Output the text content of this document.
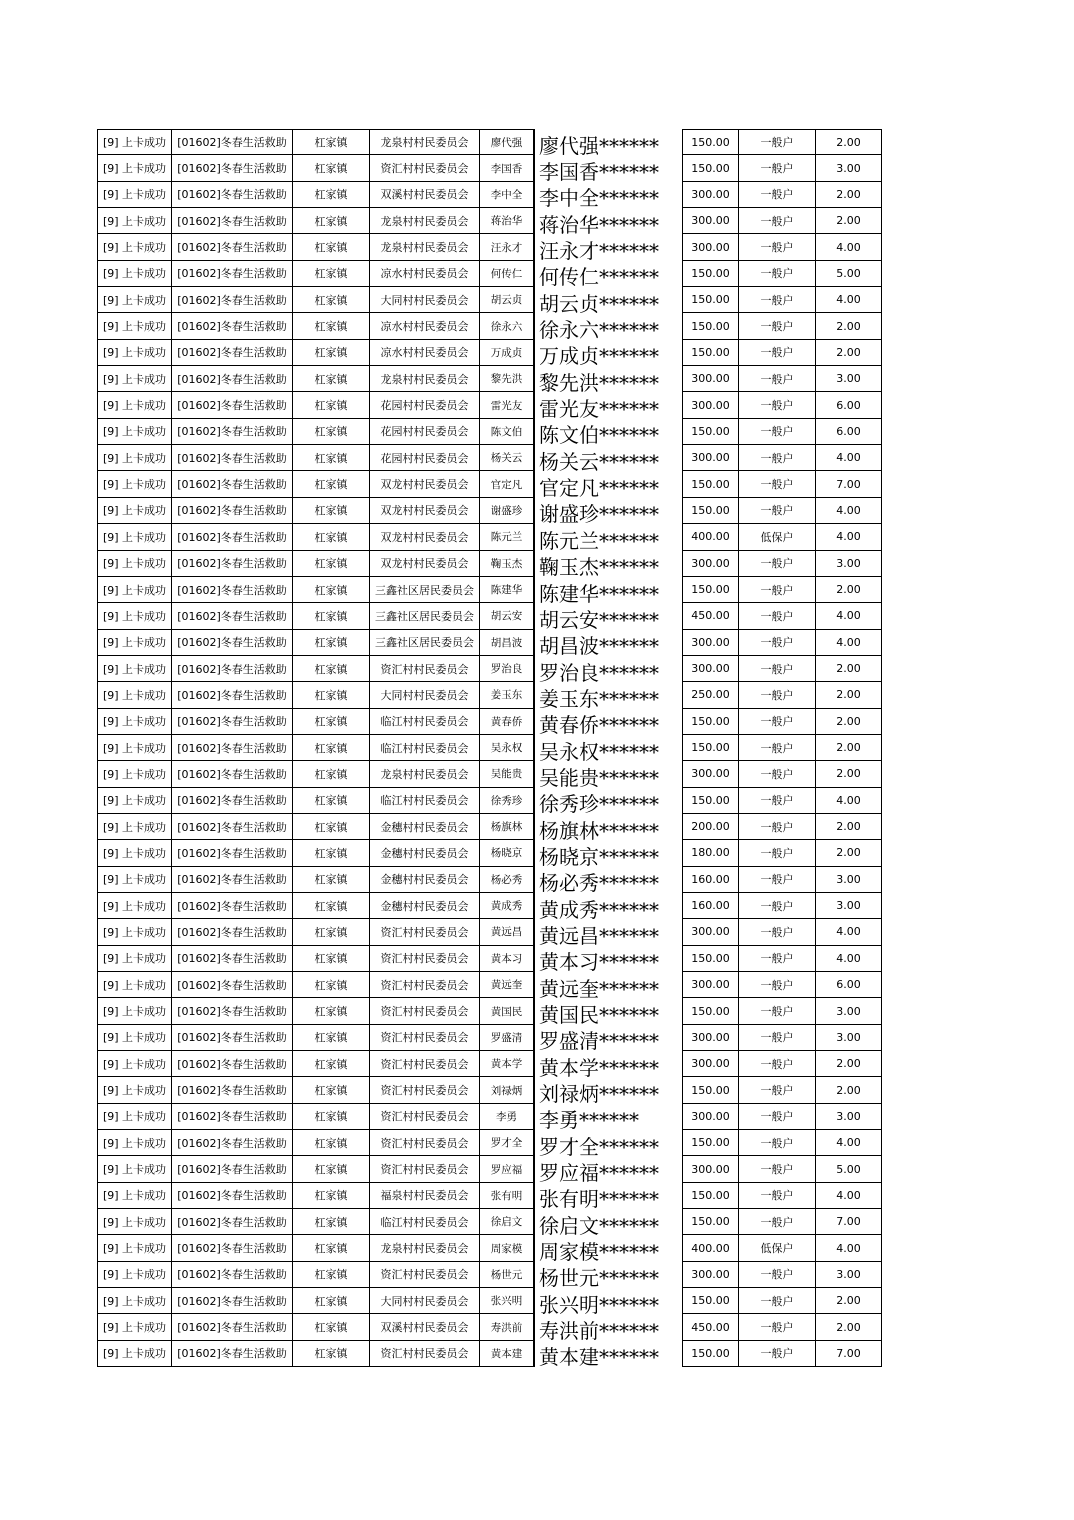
[9] 上卡成功	[01602]冬春生活救助	杠家镇	龙泉村村民委员会	廖代强 廖代强******	150.00	一般户	2.00
[9] 上卡成功	[01602]冬春生活救助	杠家镇	资汇村村民委员会	李国香 李国香******	150.00	一般户	3.00
[9] 上卡成功	[01602]冬春生活救助	杠家镇	双溪村村民委员会	李中全 李中全******	300.00	一般户	2.00
[9] 上卡成功	[01602]冬春生活救助	杠家镇	龙泉村村民委员会	蒋治华 蒋治华******	300.00	一般户	2.00
[9] 上卡成功	[01602]冬春生活救助	杠家镇	龙泉村村民委员会	汪永才 汪永才******	300.00	一般户	4.00
[9] 上卡成功	[01602]冬春生活救助	杠家镇	凉水村村民委员会	何传仁 何传仁******	150.00	一般户	5.00
[9] 上卡成功	[01602]冬春生活救助	杠家镇	大同村村民委员会	胡云贞 胡云贞******	150.00	一般户	4.00
[9] 上卡成功	[01602]冬春生活救助	杠家镇	凉水村村民委员会	徐永六 徐永六******	150.00	一般户	2.00
[9] 上卡成功	[01602]冬春生活救助	杠家镇	凉水村村民委员会	万成贞 万成贞******	150.00	一般户	2.00
[9] 上卡成功	[01602]冬春生活救助	杠家镇	龙泉村村民委员会	黎先洪 黎先洪******	300.00	一般户	3.00
[9] 上卡成功	[01602]冬春生活救助	杠家镇	花园村村民委员会	雷光友 雷光友******	300.00	一般户	6.00
[9] 上卡成功	[01602]冬春生活救助	杠家镇	花园村村民委员会	陈文伯 陈文伯******	150.00	一般户	6.00
[9] 上卡成功	[01602]冬春生活救助	杠家镇	花园村村民委员会	杨关云 杨关云******	300.00	一般户	4.00
[9] 上卡成功	[01602]冬春生活救助	杠家镇	双龙村村民委员会	官定凡 官定凡******	150.00	一般户	7.00
[9] 上卡成功	[01602]冬春生活救助	杠家镇	双龙村村民委员会	谢盛珍 谢盛珍******	150.00	一般户	4.00
[9] 上卡成功	[01602]冬春生活救助	杠家镇	双龙村村民委员会	陈元兰 陈元兰******	400.00	低保户	4.00
[9] 上卡成功	[01602]冬春生活救助	杠家镇	双龙村村民委员会	鞠玉杰 鞠玉杰******	300.00	一般户	3.00
[9] 上卡成功	[01602]冬春生活救助	杠家镇	三鑫社区居民委员会	陈建华 陈建华******	150.00	一般户	2.00
[9] 上卡成功	[01602]冬春生活救助	杠家镇	三鑫社区居民委员会	胡云安 胡云安******	450.00	一般户	4.00
[9] 上卡成功	[01602]冬春生活救助	杠家镇	三鑫社区居民委员会	胡昌波 胡昌波******	300.00	一般户	4.00
[9] 上卡成功	[01602]冬春生活救助	杠家镇	资汇村村民委员会	罗治良 罗治良******	300.00	一般户	2.00
[9] 上卡成功	[01602]冬春生活救助	杠家镇	大同村村民委员会	姜玉东 姜玉东******	250.00	一般户	2.00
[9] 上卡成功	[01602]冬春生活救助	杠家镇	临江村村民委员会	黄春侨 黄春侨******	150.00	一般户	2.00
[9] 上卡成功	[01602]冬春生活救助	杠家镇	临江村村民委员会	吴永权 吴永权******	150.00	一般户	2.00
[9] 上卡成功	[01602]冬春生活救助	杠家镇	龙泉村村民委员会	吴能贵 吴能贵******	300.00	一般户	2.00
[9] 上卡成功	[01602]冬春生活救助	杠家镇	临江村村民委员会	徐秀珍 徐秀珍******	150.00	一般户	4.00
[9] 上卡成功	[01602]冬春生活救助	杠家镇	金穗村村民委员会	杨旗林 杨旗林******	200.00	一般户	2.00
[9] 上卡成功	[01602]冬春生活救助	杠家镇	金穗村村民委员会	杨晓京 杨晓京******	180.00	一般户	2.00
[9] 上卡成功	[01602]冬春生活救助	杠家镇	金穗村村民委员会	杨必秀 杨必秀******	160.00	一般户	3.00
[9] 上卡成功	[01602]冬春生活救助	杠家镇	金穗村村民委员会	黄成秀 黄成秀******	160.00	一般户	3.00
[9] 上卡成功	[01602]冬春生活救助	杠家镇	资汇村村民委员会	黄远昌 黄远昌******	300.00	一般户	4.00
[9] 上卡成功	[01602]冬春生活救助	杠家镇	资汇村村民委员会	黄本习 黄本习******	150.00	一般户	4.00
[9] 上卡成功	[01602]冬春生活救助	杠家镇	资汇村村民委员会	黄远奎 黄远奎******	300.00	一般户	6.00
[9] 上卡成功	[01602]冬春生活救助	杠家镇	资汇村村民委员会	黄国民 黄国民******	150.00	一般户	3.00
[9] 上卡成功	[01602]冬春生活救助	杠家镇	资汇村村民委员会	罗盛清 罗盛清******	300.00	一般户	3.00
[9] 上卡成功	[01602]冬春生活救助	杠家镇	资汇村村民委员会	黄本学 黄本学******	300.00	一般户	2.00
[9] 上卡成功	[01602]冬春生活救助	杠家镇	资汇村村民委员会	刘禄炳 刘禄炳******	150.00	一般户	2.00
[9] 上卡成功	[01602]冬春生活救助	杠家镇	资汇村村民委员会	李勇	李勇******	300.00	一般户	3.00
[9] 上卡成功	[01602]冬春生活救助	杠家镇	资汇村村民委员会	罗才全 罗才全******	150.00	一般户	4.00
[9] 上卡成功	[01602]冬春生活救助	杠家镇	资汇村村民委员会	罗应福 罗应福******	300.00	一般户	5.00
[9] 上卡成功	[01602]冬春生活救助	杠家镇	福泉村村民委员会	张有明 张有明******	150.00	一般户	4.00
[9] 上卡成功	[01602]冬春生活救助	杠家镇	临江村村民委员会	徐启文 徐启文******	150.00	一般户	7.00
[9] 上卡成功	[01602]冬春生活救助	杠家镇	龙泉村村民委员会	周家模 周家模******	400.00	低保户	4.00
[9] 上卡成功	[01602]冬春生活救助	杠家镇	资汇村村民委员会	杨世元 杨世元******	300.00	一般户	3.00
[9] 上卡成功	[01602]冬春生活救助	杠家镇	大同村村民委员会	张兴明 张兴明******	150.00	一般户	2.00
[9] 上卡成功	[01602]冬春生活救助	杠家镇	双溪村村民委员会	寿洪前 寿洪前******	450.00	一般户	2.00
[9] 上卡成功	[01602]冬春生活救助	杠家镇	资汇村村民委员会	黄本建 黄本建******	150.00	一般户	7.00
